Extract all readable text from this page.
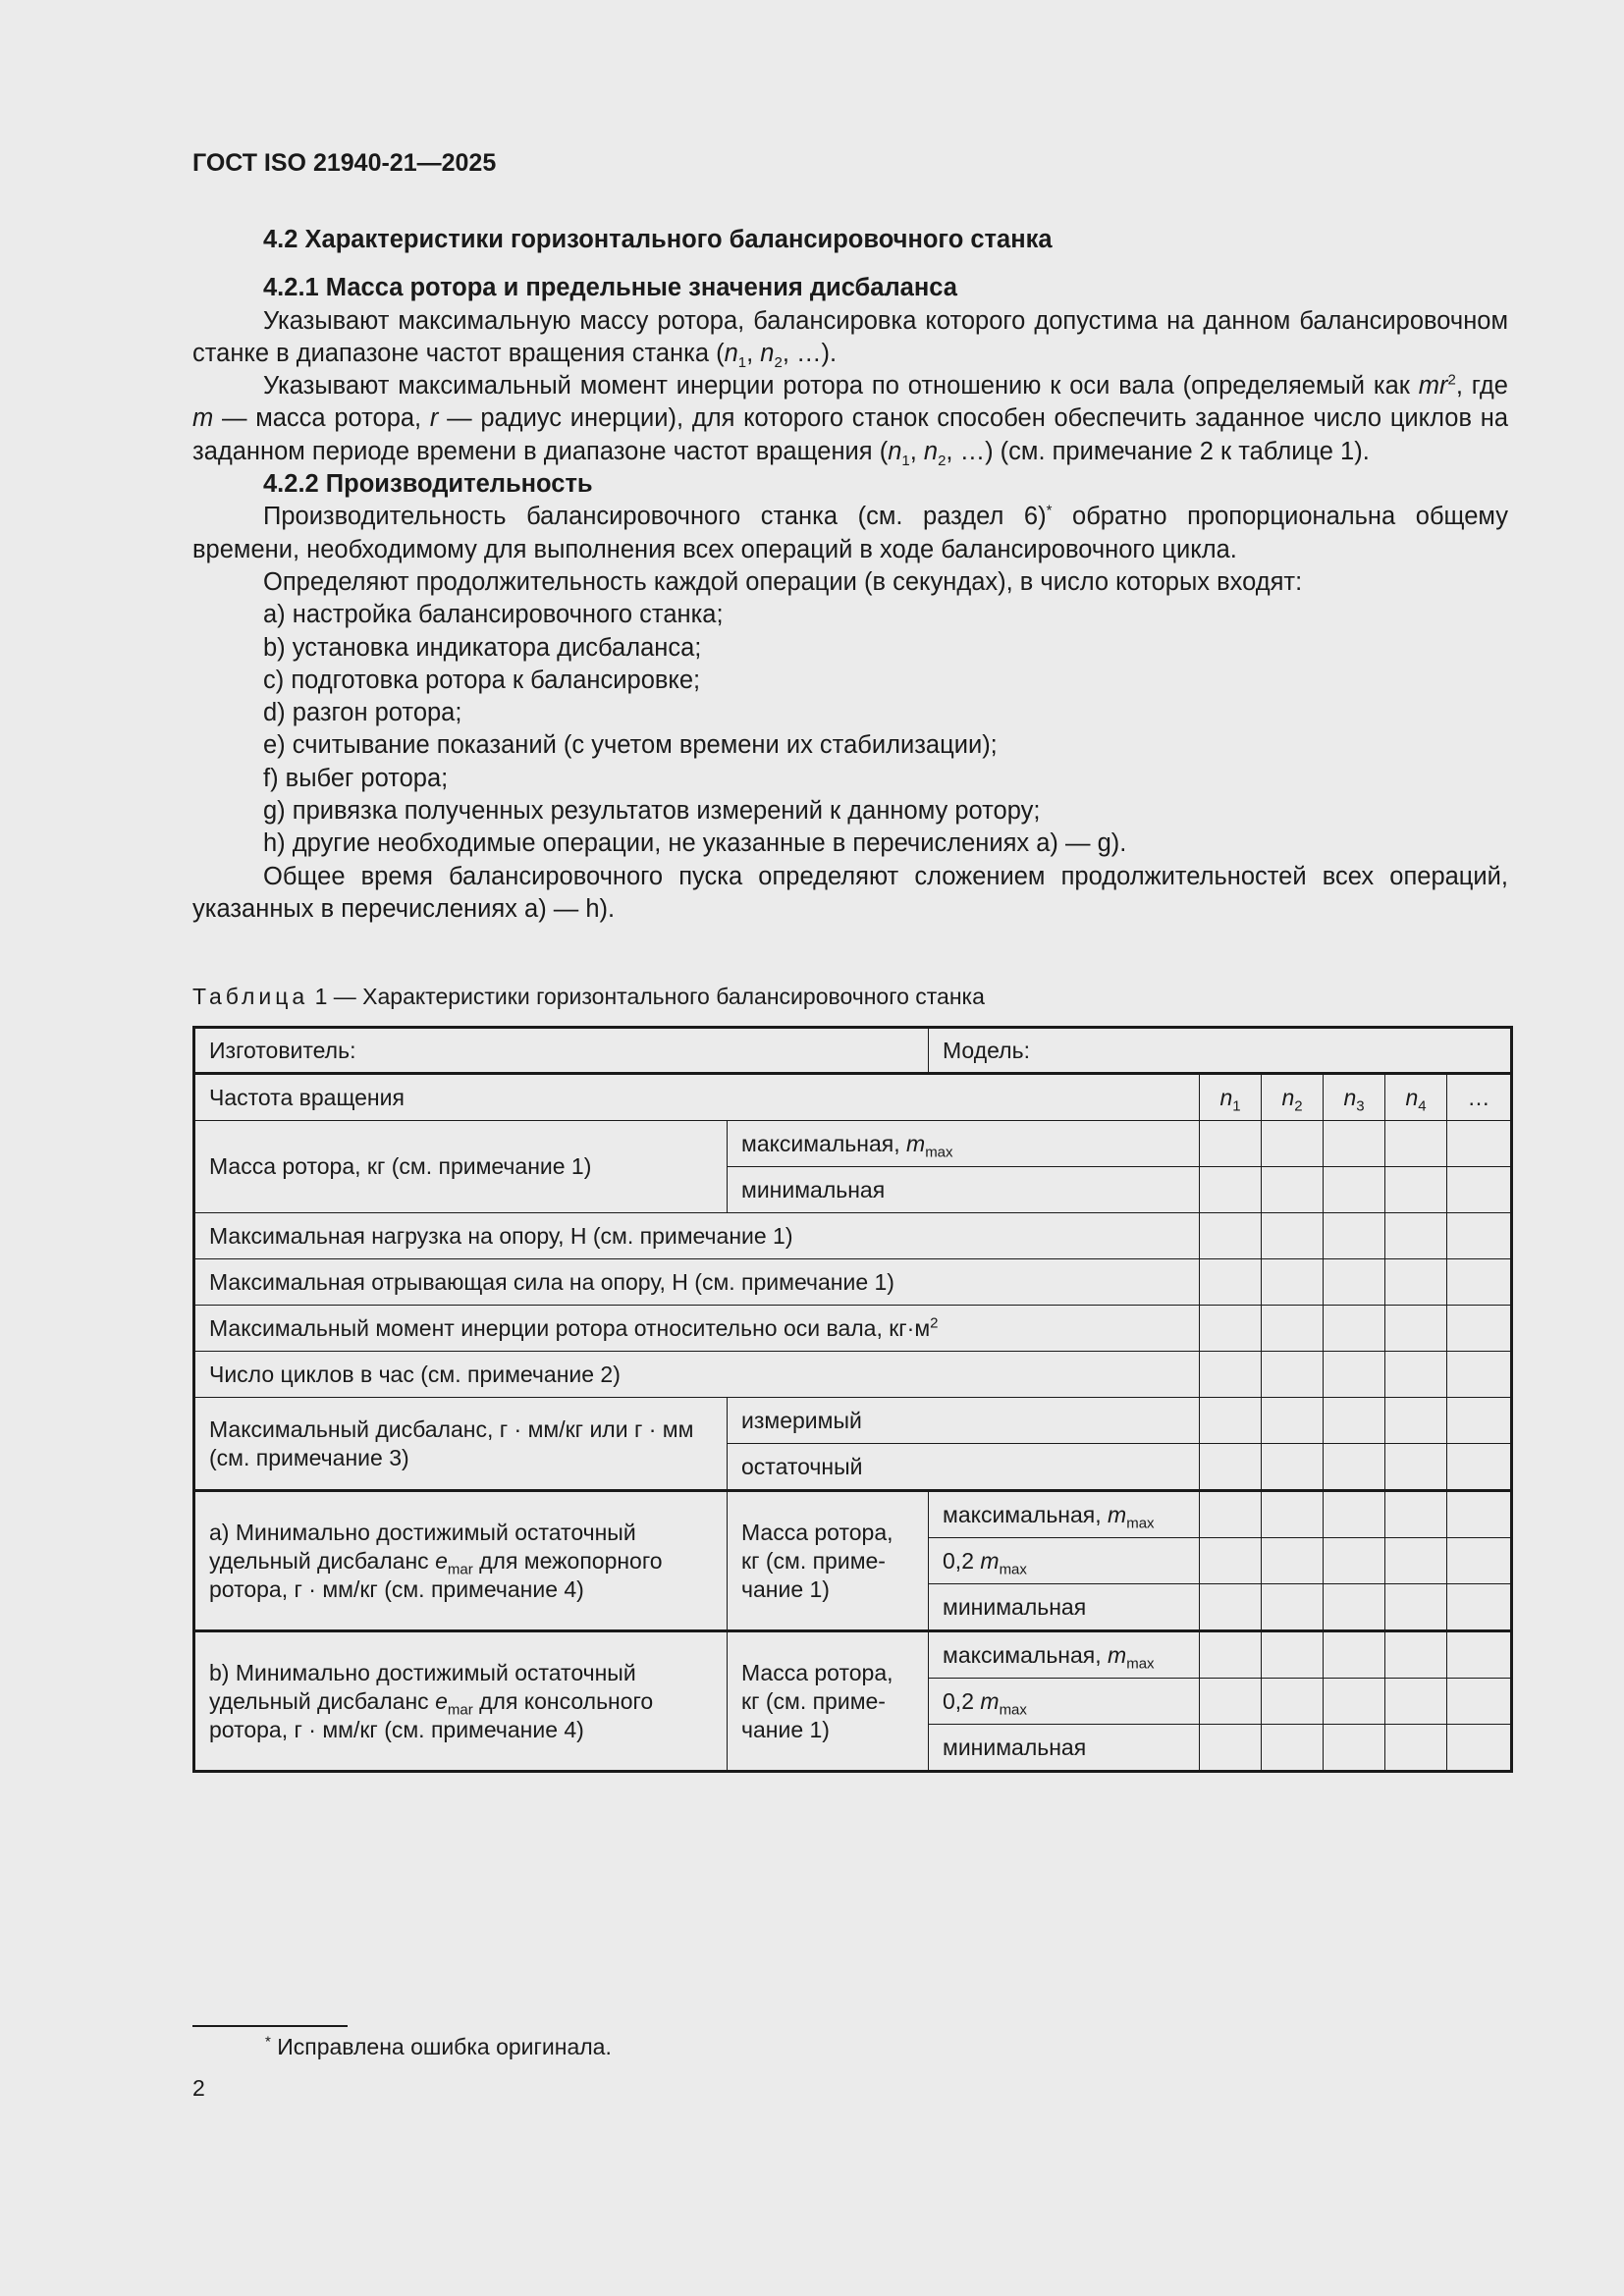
ГОСТ ISO 21940-21—2025

4.2 Характеристики горизонтального балансировочного станка

4.2.1 Масса ротора и предельные значения дисбаланса

Указывают максимальную массу ротора, балансировка которого допустима на данном балансировочном станке в диапазоне частот вращения станка ($n_1$, $n_2$, …).

Указывают максимальный момент инерции ротора по отношению к оси вала (определяемый как $mr^2$, где m — масса ротора, r — радиус инерции), для которого станок способен обеспечить заданное число циклов на заданном периоде времени в диапазоне частот вращения ($n_1$, $n_2$, …) (см. примечание 2 к таблице 1).

4.2.2 Производительность

Производительность балансировочного станка (см. раздел 6)* обратно пропорциональна общему времени, необходимому для выполнения всех операций в ходе балансировочного цикла.

Определяют продолжительность каждой операции (в секундах), в число которых входят:

a) настройка балансировочного станка;

b) установка индикатора дисбаланса;

c) подготовка ротора к балансировке;

d) разгон ротора;

e) считывание показаний (с учетом времени их стабилизации);

f) выбег ротора;

g) привязка полученных результатов измерений к данному ротору;

h) другие необходимые операции, не указанные в перечислениях a) — g).

Общее время балансировочного пуска определяют сложением продолжительностей всех операций, указанных в перечислениях a) — h).

Таблица 1 — Характеристики горизонтального балансировочного станка
Изготовитель:		Модель:					
Частота вращения			$n_1$	$n_2$	$n_3$	$n_4$	…
Масса ротора, кг (см. примечание 1)	максимальная, $m_{max}$					
	минимальная						
Максимальная нагрузка на опору, Н (см. примечание 1)							
Максимальная отрывающая сила на опору, Н (см. примечание 1)							
Максимальный момент инерции ротора относительно оси вала, $кг\cdot м^2$					
Число циклов в час (см. примечание 2)							
Максимальный дисбаланс, г · мм/кг или г · мм (см. примечание 3)	измеримый						
	остаточный						
a) Минимально достижимый остаточный удельный дисбаланс $e_{mar}$ для межопорного ротора, г · мм/кг (см. примечание 4)	Масса ротора, кг (см. примечание 1)	максимальная, $m_{max}$					
		0,2 $m_{max}$					
		минимальная					
b) Минимально достижимый остаточный удельный дисбаланс $e_{mar}$ для консольного ротора, г · мм/кг (см. примечание 4)	Масса ротора, кг (см. примечание 1)	максимальная, $m_{max}$					
		0,2 $m_{max}$					
		минимальная					
* Исправлена ошибка оригинала.
2
